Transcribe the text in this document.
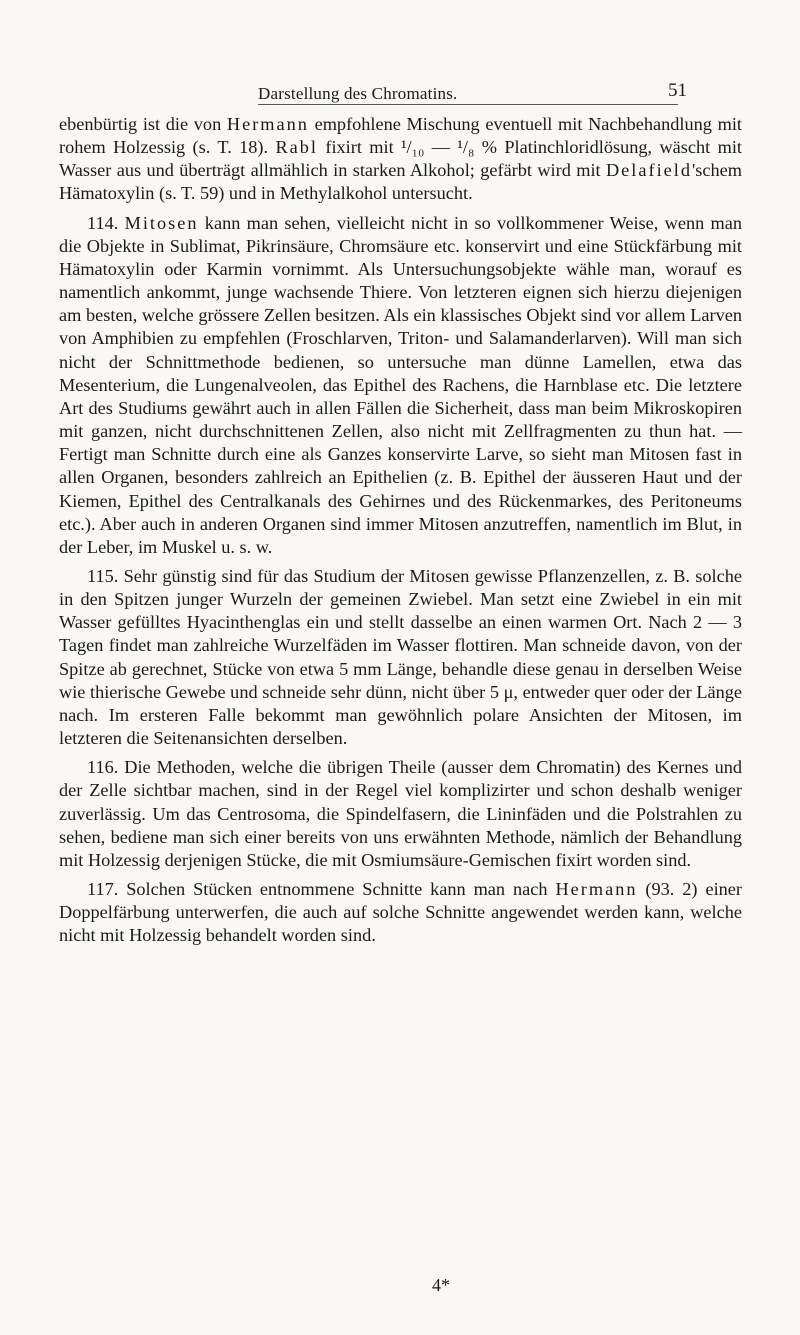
Darstellung des Chromatins.	51

ebenbürtig ist die von Hermann empfohlene Mischung eventuell mit Nachbehandlung mit rohem Holzessig (s. T. 18). Rabl fixirt mit ¹/₁₀ — ¹/₈ % Platinchloridlösung, wäscht mit Wasser aus und überträgt allmählich in starken Alkohol; gefärbt wird mit Delafield'schem Hämatoxylin (s. T. 59) und in Methylalkohol untersucht.

114. Mitosen kann man sehen, vielleicht nicht in so vollkommener Weise, wenn man die Objekte in Sublimat, Pikrinsäure, Chromsäure etc. konservirt und eine Stückfärbung mit Hämatoxylin oder Karmin vornimmt. Als Untersuchungsobjekte wähle man, worauf es namentlich ankommt, junge wachsende Thiere. Von letzteren eignen sich hierzu diejenigen am besten, welche grössere Zellen besitzen. Als ein klassisches Objekt sind vor allem Larven von Amphibien zu empfehlen (Froschlarven, Triton- und Salamanderlarven). Will man sich nicht der Schnittmethode bedienen, so untersuche man dünne Lamellen, etwa das Mesenterium, die Lungenalveolen, das Epithel des Rachens, die Harnblase etc. Die letztere Art des Studiums gewährt auch in allen Fällen die Sicherheit, dass man beim Mikroskopiren mit ganzen, nicht durchschnittenen Zellen, also nicht mit Zellfragmenten zu thun hat. — Fertigt man Schnitte durch eine als Ganzes konservirte Larve, so sieht man Mitosen fast in allen Organen, besonders zahlreich an Epithelien (z. B. Epithel der äusseren Haut und der Kiemen, Epithel des Centralkanals des Gehirnes und des Rückenmarkes, des Peritoneums etc.). Aber auch in anderen Organen sind immer Mitosen anzutreffen, namentlich im Blut, in der Leber, im Muskel u. s. w.

115. Sehr günstig sind für das Studium der Mitosen gewisse Pflanzenzellen, z. B. solche in den Spitzen junger Wurzeln der gemeinen Zwiebel. Man setzt eine Zwiebel in ein mit Wasser gefülltes Hyacinthenglas ein und stellt dasselbe an einen warmen Ort. Nach 2 — 3 Tagen findet man zahlreiche Wurzelfäden im Wasser flottiren. Man schneide davon, von der Spitze ab gerechnet, Stücke von etwa 5 mm Länge, behandle diese genau in derselben Weise wie thierische Gewebe und schneide sehr dünn, nicht über 5 μ, entweder quer oder der Länge nach. Im ersteren Falle bekommt man gewöhnlich polare Ansichten der Mitosen, im letzteren die Seitenansichten derselben.

116. Die Methoden, welche die übrigen Theile (ausser dem Chromatin) des Kernes und der Zelle sichtbar machen, sind in der Regel viel komplizirter und schon deshalb weniger zuverlässig. Um das Centrosoma, die Spindelfasern, die Lininfäden und die Polstrahlen zu sehen, bediene man sich einer bereits von uns erwähnten Methode, nämlich der Behandlung mit Holzessig derjenigen Stücke, die mit Osmiumsäure-Gemischen fixirt worden sind.

117. Solchen Stücken entnommene Schnitte kann man nach Hermann (93. 2) einer Doppelfärbung unterwerfen, die auch auf solche Schnitte angewendet werden kann, welche nicht mit Holzessig behandelt worden sind.

4*
